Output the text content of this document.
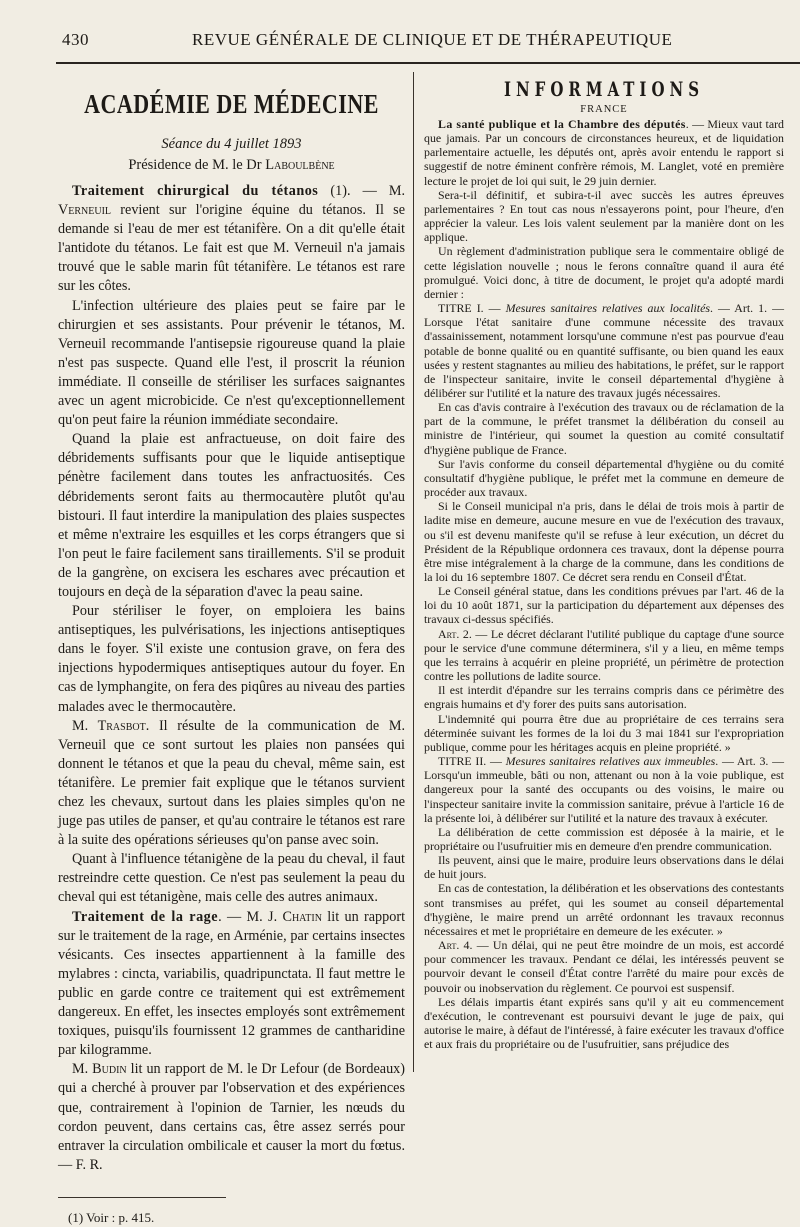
430	REVUE GÉNÉRALE DE CLINIQUE ET DE THÉRAPEUTIQUE
ACADÉMIE DE MÉDECINE
Séance du 4 juillet 1893
Présidence de M. le Dr Laboulbène

Traitement chirurgical du tétanos (1). — M. Verneuil revient sur l'origine équine du tétanos. Il se demande si l'eau de mer est tétanifère. On a dit qu'elle était l'antidote du tétanos. Le fait est que M. Verneuil n'a jamais trouvé que le sable marin fût tétanifère. Le tétanos est rare sur les côtes.

L'infection ultérieure des plaies peut se faire par le chirurgien et ses assistants. Pour prévenir le tétanos, M. Verneuil recommande l'antisepsie rigoureuse quand la plaie n'est pas suspecte. Quand elle l'est, il proscrit la réunion immédiate. Il conseille de stériliser les surfaces saignantes avec un agent microbicide. Ce n'est qu'exceptionnellement qu'on peut faire la réunion immédiate secondaire.

Quand la plaie est anfractueuse, on doit faire des débridements suffisants pour que le liquide antiseptique pénètre facilement dans toutes les anfractuosités. Ces débridements seront faits au thermocautère plutôt qu'au bistouri. Il faut interdire la manipulation des plaies suspectes et même n'extraire les esquilles et les corps étrangers que si l'on peut le faire facilement sans tiraillements. S'il se produit de la gangrène, on excisera les eschares avec précaution et toujours en deçà de la séparation d'avec la peau saine.

Pour stériliser le foyer, on emploiera les bains antiseptiques, les pulvérisations, les injections antiseptiques dans le foyer. S'il existe une contusion grave, on fera des injections hypodermiques antiseptiques autour du foyer. En cas de lymphangite, on fera des piqûres au niveau des parties malades avec le thermocautère.

M. Trasbot. Il résulte de la communication de M. Verneuil que ce sont surtout les plaies non pansées qui donnent le tétanos et que la peau du cheval, même sain, est tétanifère. Le premier fait explique que le tétanos survient chez les chevaux, surtout dans les plaies simples qu'on ne juge pas utiles de panser, et qu'au contraire le tétanos est rare à la suite des opérations sérieuses qu'on panse avec soin.

Quant à l'influence tétanigène de la peau du cheval, il faut restreindre cette question. Ce n'est pas seulement la peau du cheval qui est tétanigène, mais celle des autres animaux.

Traitement de la rage. — M. J. Chatin lit un rapport sur le traitement de la rage, en Arménie, par certains insectes vésicants. Ces insectes appartiennent à la famille des mylabres : cincta, variabilis, quadripunctata. Il faut mettre le public en garde contre ce traitement qui est extrêmement dangereux. En effet, les insectes employés sont extrêmement toxiques, puisqu'ils fournissent 12 grammes de cantharidine par kilogramme.

M. Budin lit un rapport de M. le Dr Lefour (de Bordeaux) qui a cherché à prouver par l'observation et des expériences que, contrairement à l'opinion de Tarnier, les nœuds du cordon peuvent, dans certains cas, être assez serrés pour entraver la circulation ombilicale et causer la mort du fœtus. — F. R.

(1) Voir : p. 415.

INFORMATIONS
FRANCE

La santé publique et la Chambre des députés. — Mieux vaut tard que jamais. Par un concours de circonstances heureux, et de liquidation parlementaire actuelle, les députés ont, après avoir entendu le rapport si suggestif de notre éminent confrère rémois, M. Langlet, voté en première lecture le projet de loi qui suit, le 29 juin dernier.

Sera-t-il définitif, et subira-t-il avec succès les autres épreuves parlementaires ? En tout cas nous n'essayerons point, pour l'heure, d'en apprécier la valeur. Les lois valent seulement par la manière dont on les applique.

Un règlement d'administration publique sera le commentaire obligé de cette législation nouvelle ; nous le ferons connaître quand il aura été promulgué. Voici donc, à titre de document, le projet qu'a adopté mardi dernier :

TITRE I. — Mesures sanitaires relatives aux localités. — Art. 1. — Lorsque l'état sanitaire d'une commune nécessite des travaux d'assainissement, notamment lorsqu'une commune n'est pas pourvue d'eau potable de bonne qualité ou en quantité suffisante, ou bien quand les eaux usées y restent stagnantes au milieu des habitations, le préfet, sur le rapport de l'inspecteur sanitaire, invite le conseil départemental d'hygiène à délibérer sur l'utilité et la nature des travaux jugés nécessaires.

En cas d'avis contraire à l'exécution des travaux ou de réclamation de la part de la commune, le préfet transmet la délibération du conseil au ministre de l'intérieur, qui soumet la question au comité consultatif d'hygiène publique de France.

Sur l'avis conforme du conseil départemental d'hygiène ou du comité consultatif d'hygiène publique, le préfet met la commune en demeure de procéder aux travaux.

Si le Conseil municipal n'a pris, dans le délai de trois mois à partir de ladite mise en demeure, aucune mesure en vue de l'exécution des travaux, ou s'il est devenu manifeste qu'il se refuse à leur exécution, un décret du Président de la République ordonnera ces travaux, dont la dépense pourra être mise intégralement à la charge de la commune, dans les conditions de la loi du 16 septembre 1807. Ce décret sera rendu en Conseil d'État.

Le Conseil général statue, dans les conditions prévues par l'art. 46 de la loi du 10 août 1871, sur la participation du département aux dépenses des travaux ci-dessus spécifiés.

Art. 2. — Le décret déclarant l'utilité publique du captage d'une source pour le service d'une commune déterminera, s'il y a lieu, en même temps que les terrains à acquérir en pleine propriété, un périmètre de protection contre les pollutions de ladite source.

Il est interdit d'épandre sur les terrains compris dans ce périmètre des engrais humains et d'y forer des puits sans autorisation.

L'indemnité qui pourra être due au propriétaire de ces terrains sera déterminée suivant les formes de la loi du 3 mai 1841 sur l'expropriation publique, comme pour les héritages acquis en pleine propriété. »

TITRE II. — Mesures sanitaires relatives aux immeubles. — Art. 3. — Lorsqu'un immeuble, bâti ou non, attenant ou non à la voie publique, est dangereux pour la santé des occupants ou des voisins, le maire ou l'inspecteur sanitaire invite la commission sanitaire, prévue à l'article 16 de la présente loi, à délibérer sur l'utilité et la nature des travaux à exécuter.

La délibération de cette commission est déposée à la mairie, et le propriétaire ou l'usufruitier mis en demeure d'en prendre communication.

Ils peuvent, ainsi que le maire, produire leurs observations dans le délai de huit jours.

En cas de contestation, la délibération et les observations des contestants sont transmises au préfet, qui les soumet au conseil départemental d'hygiène, le maire prend un arrêté ordonnant les travaux reconnus nécessaires et met le propriétaire en demeure de les exécuter. »

Art. 4. — Un délai, qui ne peut être moindre de un mois, est accordé pour commencer les travaux. Pendant ce délai, les intéressés peuvent se pourvoir devant le conseil d'État contre l'arrêté du maire pour excès de pouvoir ou inobservation du règlement. Ce pourvoi est suspensif.

Les délais impartis étant expirés sans qu'il y ait eu commencement d'exécution, le contrevenant est poursuivi devant le juge de paix, qui autorise le maire, à défaut de l'intéressé, à faire exécuter les travaux d'office et aux frais du propriétaire ou de l'usufruitier, sans préjudice des
